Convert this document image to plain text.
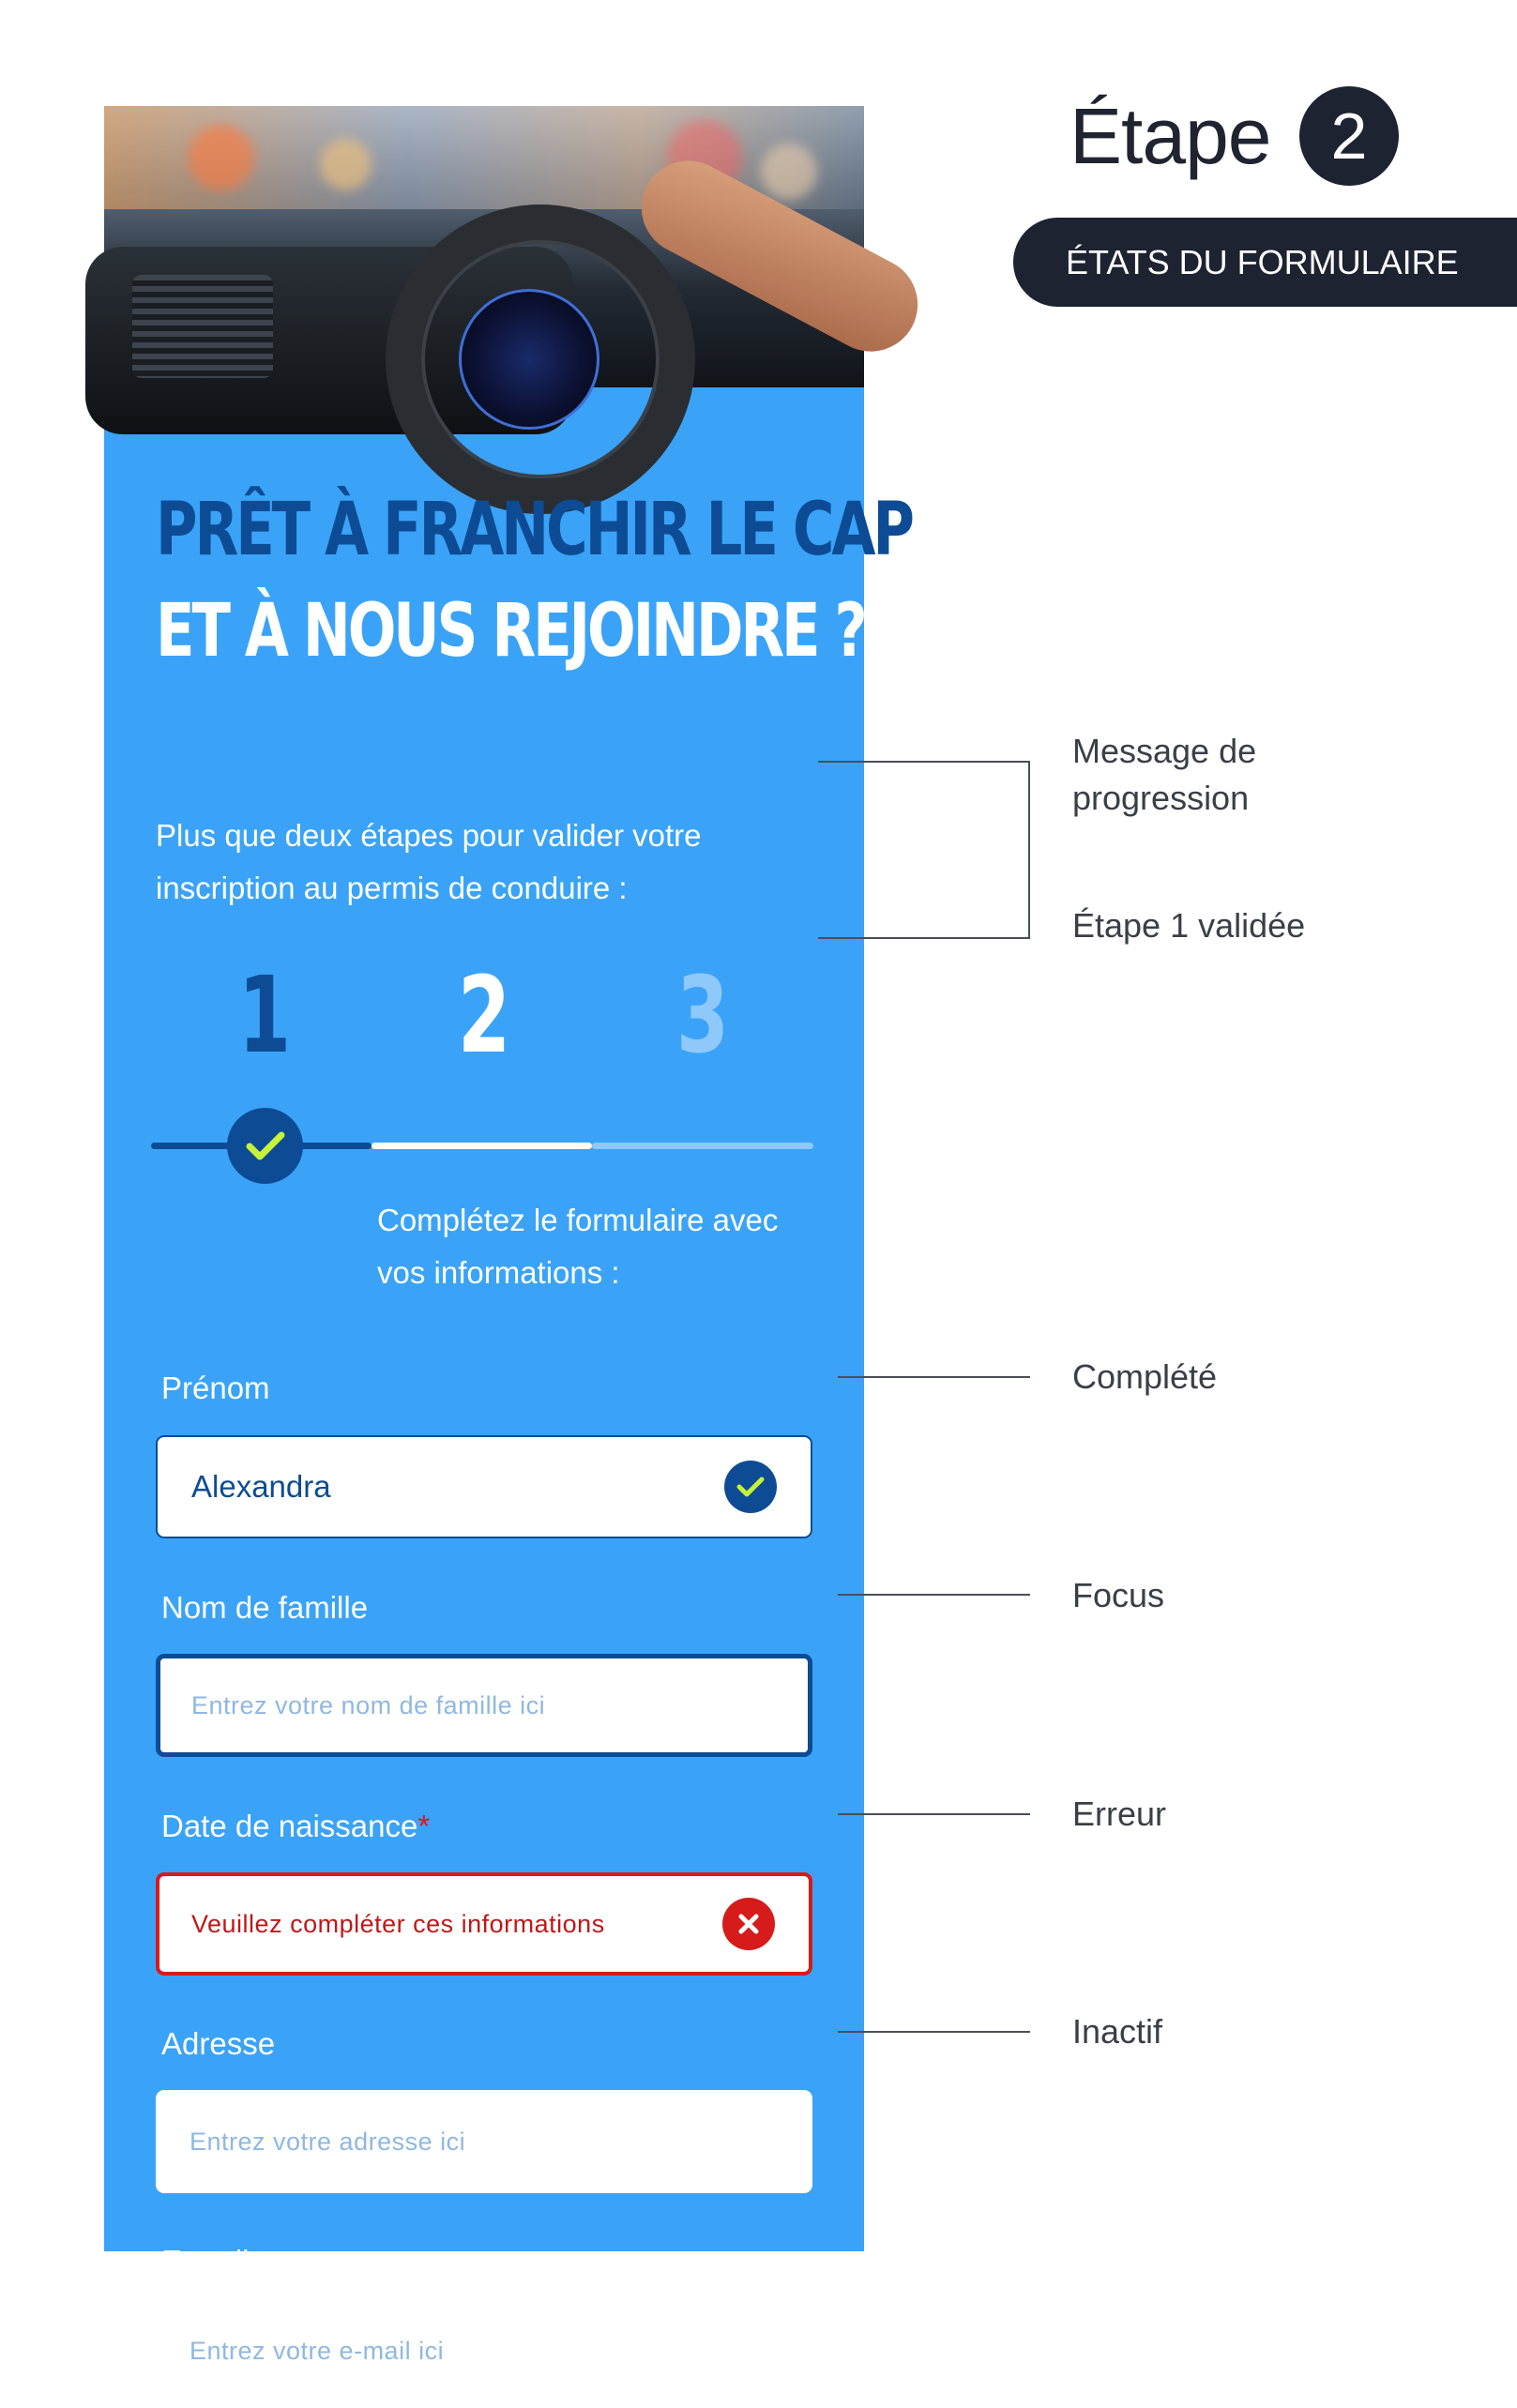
PRÊT À FRANCHIR LE CAP
ET À NOUS REJOINDRE ?

Plus que deux étapes pour valider votre inscription au permis de conduire :

1 2 3

Complétez le formulaire avec vos informations :

Prénom
Alexandra
Nom de famille
Entrez votre nom de famille ici
Date de naissance*
Veuillez compléter ces informations
Adresse
Entrez votre adresse ici
E-mail
Entrez votre e-mail ici
Étape 2
ÉTATS DU FORMULAIRE
Message de progression
Étape 1 validée
Complété
Focus
Erreur
Inactif
